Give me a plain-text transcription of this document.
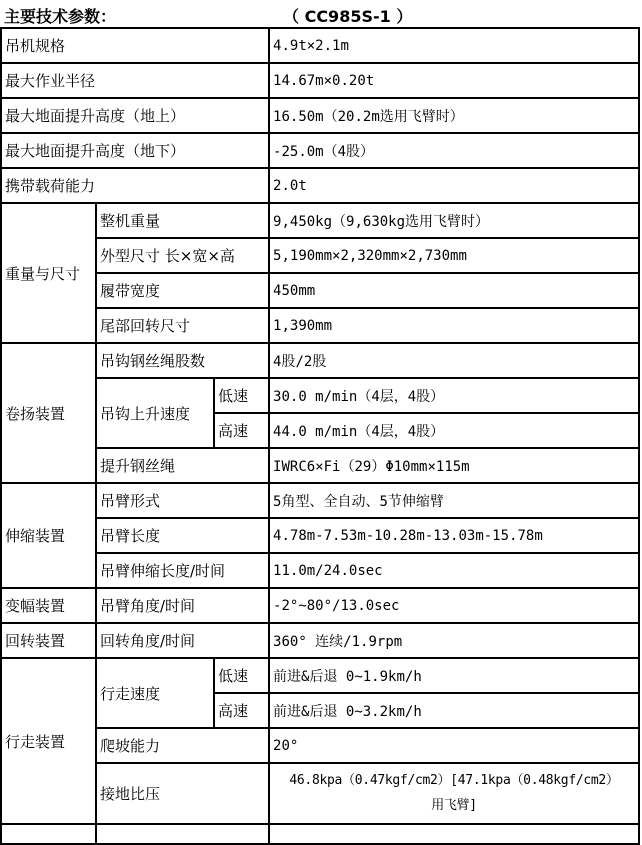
主要技术参数：	（ CC985S-1 ）
吊机规格			4.9t×2.1m
最大作业半径			14.67m×0.20t
最大地面提升高度（地上）			16.50m（20.2m选用飞臂时）
最大地面提升高度（地下）			-25.0m（4股）
携带载荷能力			2.0t
重量与尺寸	整机重量		9,450kg（9,630kg选用飞臂时）
	外型尺寸 长×宽×高		5,190mm×2,320mm×2,730mm
	履带宽度		450mm
	尾部回转尺寸		1,390mm
卷扬装置	吊钩钢丝绳股数		4股/2股
	吊钩上升速度	低速	30.0 m/min（4层，4股）
		高速	44.0 m/min（4层，4股）
	提升钢丝绳		IWRC6×Fi（29）Φ10mm×115m
伸缩装置	吊臂形式		5角型、全自动、5节伸缩臂
	吊臂长度		4.78m-7.53m-10.28m-13.03m-15.78m
	吊臂伸缩长度/时间		11.0m/24.0sec
变幅装置	吊臂角度/时间		-2°~80°/13.0sec
回转装置	回转角度/时间		360° 连续/1.9rpm
行走装置	行走速度	低速	前进&后退 0~1.9km/h
		高速	前进&后退 0~3.2km/h
	爬坡能力		20°
	接地比压		46.8kpa（0.47kgf/cm2）[47.1kpa（0.48kgf/cm2）
用飞臂]
